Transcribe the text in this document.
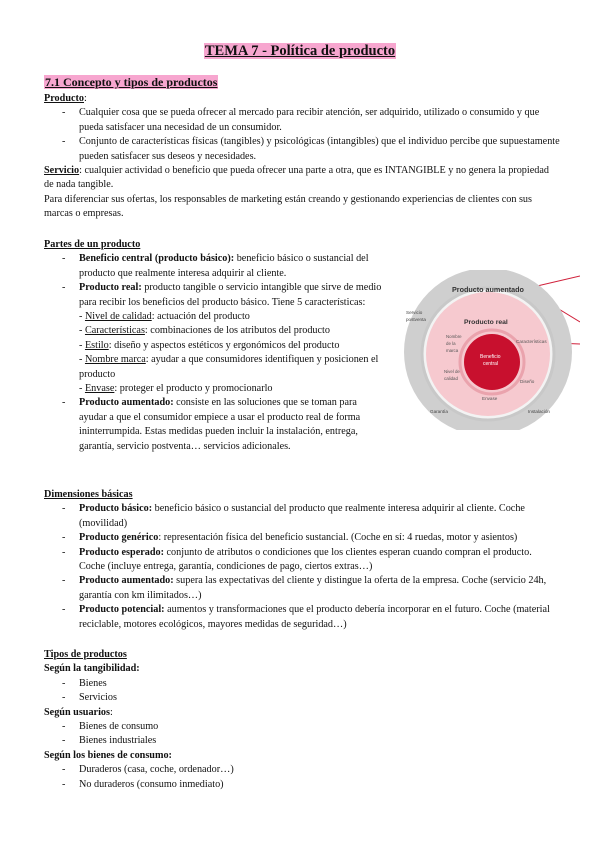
TEMA 7 - Política de producto
7.1 Concepto y tipos de productos
Producto:
- Cualquier cosa que se pueda ofrecer al mercado para recibir atención, ser adquirido, utilizado o consumido y que pueda satisfacer una necesidad de un consumidor.
- Conjunto de características físicas (tangibles) y psicológicas (intangibles) que el individuo percibe que supuestamente pueden satisfacer sus deseos y necesidades.
Servicio: cualquier actividad o beneficio que pueda ofrecer una parte a otra, que es INTANGIBLE y no genera la propiedad de nada tangible.
Para diferenciar sus ofertas, los responsables de marketing están creando y gestionando experiencias de clientes con sus marcas o empresas.
Partes de un producto
- Beneficio central (producto básico): beneficio básico o sustancial del producto que realmente interesa adquirir al cliente.
- Producto real: producto tangible o servicio intangible que sirve de medio para recibir los beneficios del producto básico. Tiene 5 características:
- Nivel de calidad: actuación del producto
- Características: combinaciones de los atributos del producto
- Estilo: diseño y aspectos estéticos y ergonómicos del producto
- Nombre marca: ayudar a que consumidores identifiquen y posicionen el producto
- Envase: proteger el producto y promocionarlo
- Producto aumentado: consiste en las soluciones que se toman para ayudar a que el consumidor empiece a usar el producto real de forma ininterrumpida. Estas medidas pueden incluir la instalación, entrega, garantía, servicio postventa… servicios adicionales.
Producto aumentado
Producto real
Beneficio
central
Servicio
postventa
Nombre
de la
marca
Características
Nivel de
calidad
Diseño
Envase
Garantía	Instalación
Dimensiones básicas
- Producto básico: beneficio básico o sustancial del producto que realmente interesa adquirir al cliente. Coche (movilidad)
- Producto genérico: representación física del beneficio sustancial. (Coche en sí: 4 ruedas, motor y asientos)
- Producto esperado: conjunto de atributos o condiciones que los clientes esperan cuando compran el producto. Coche (incluye entrega, garantía, condiciones de pago, ciertos extras…)
- Producto aumentado: supera las expectativas del cliente y distingue la oferta de la empresa. Coche (servicio 24h, garantía con km ilimitados…)
- Producto potencial: aumentos y transformaciones que el producto debería incorporar en el futuro. Coche (material reciclable, motores ecológicos, mayores medidas de seguridad…)
Tipos de productos
Según la tangibilidad:
- Bienes
- Servicios
Según usuarios:
- Bienes de consumo
- Bienes industriales
Según los bienes de consumo:
- Duraderos (casa, coche, ordenador…)
- No duraderos (consumo inmediato)
